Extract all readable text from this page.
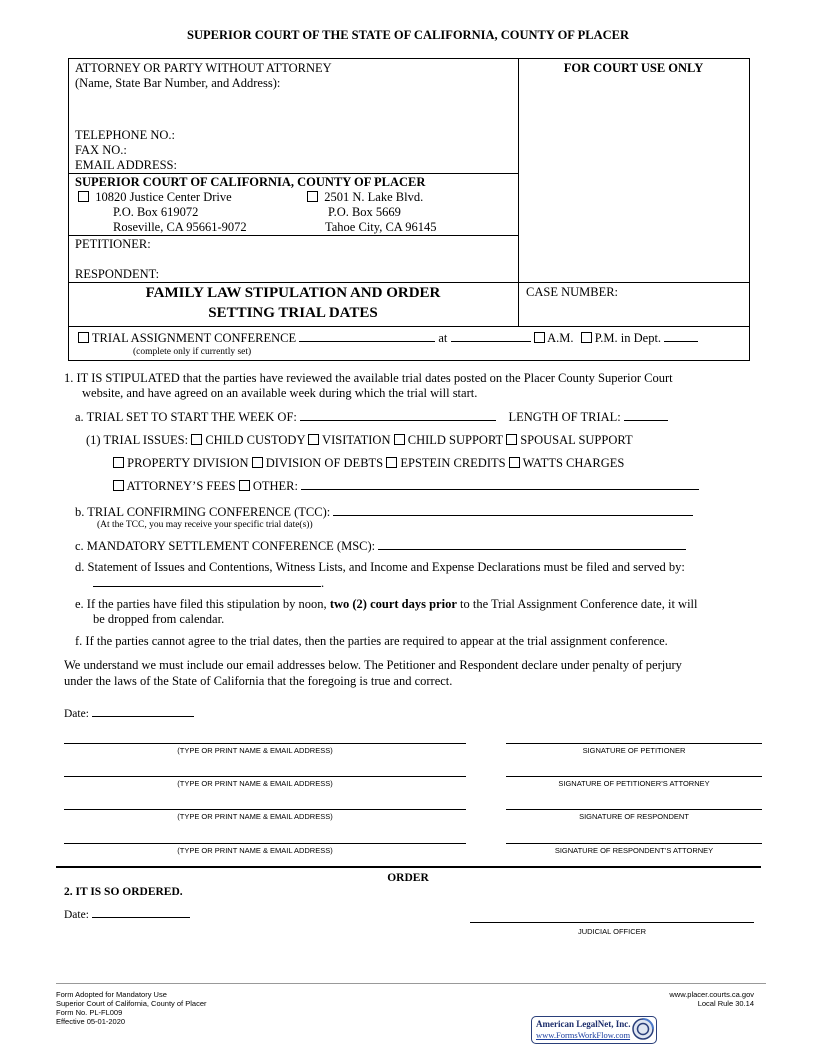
SUPERIOR COURT OF THE STATE OF CALIFORNIA, COUNTY OF PLACER
ATTORNEY OR PARTY WITHOUT ATTORNEY
(Name, State Bar Number, and Address):
TELEPHONE NO.:
FAX NO.:
EMAIL ADDRESS:
FOR COURT USE ONLY
SUPERIOR COURT OF CALIFORNIA, COUNTY OF PLACER
10820 Justice Center Drive
P.O. Box 619072
Roseville, CA 95661-9072
2501 N. Lake Blvd.
P.O. Box 5669
Tahoe City, CA 96145
PETITIONER:
RESPONDENT:
FAMILY LAW STIPULATION AND ORDER
SETTING TRIAL DATES
CASE NUMBER:
TRIAL ASSIGNMENT CONFERENCE	at	A.M. P.M. in Dept.
(complete only if currently set)
1. IT IS STIPULATED that the parties have reviewed the available trial dates posted on the Placer County Superior Court
website, and have agreed on an available week during which the trial will start.
a. TRIAL SET TO START THE WEEK OF:	LENGTH OF TRIAL:
(1) TRIAL ISSUES: CHILD CUSTODY VISITATION CHILD SUPPORT SPOUSAL SUPPORT
PROPERTY DIVISION DIVISION OF DEBTS EPSTEIN CREDITS WATTS CHARGES
ATTORNEY’S FEES OTHER:
b. TRIAL CONFIRMING CONFERENCE (TCC):
(At the TCC, you may receive your specific trial date(s))
c. MANDATORY SETTLEMENT CONFERENCE (MSC):
d. Statement of Issues and Contentions, Witness Lists, and Income and Expense Declarations must be filed and served by:
.
e. If the parties have filed this stipulation by noon, two (2) court days prior to the Trial Assignment Conference date, it will
be dropped from calendar.
f. If the parties cannot agree to the trial dates, then the parties are required to appear at the trial assignment conference.
We understand we must include our email addresses below. The Petitioner and Respondent declare under penalty of perjury
under the laws of the State of California that the foregoing is true and correct.
Date:
(TYPE OR PRINT NAME & EMAIL ADDRESS)	SIGNATURE OF PETITIONER
(TYPE OR PRINT NAME & EMAIL ADDRESS)	SIGNATURE OF PETITIONER’S ATTORNEY
(TYPE OR PRINT NAME & EMAIL ADDRESS)	SIGNATURE OF RESPONDENT
(TYPE OR PRINT NAME & EMAIL ADDRESS)	SIGNATURE OF RESPONDENT’S ATTORNEY
ORDER
2. IT IS SO ORDERED.
Date:
JUDICIAL OFFICER
Form Adopted for Mandatory Use
Superior Court of California, County of Placer
Form No. PL-FL009
Effective 05-01-2020
www.placer.courts.ca.gov
Local Rule 30.14
American LegalNet, Inc.
www.FormsWorkFlow.com
